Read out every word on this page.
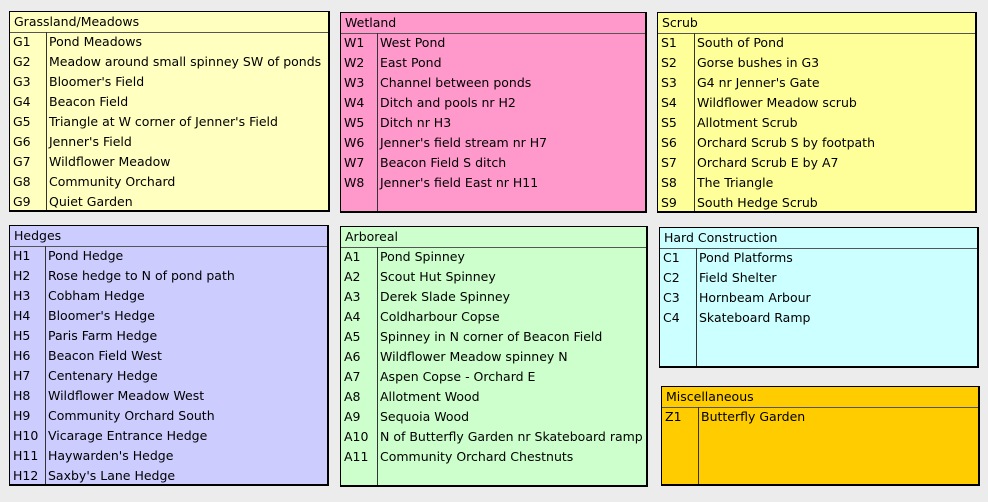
Grassland/Meadows
G1 Pond Meadows
G2 Meadow around small spinney SW of ponds
G3 Bloomer's Field
G4 Beacon Field
G5 Triangle at W corner of Jenner's Field
G6 Jenner's Field
G7 Wildflower Meadow
G8 Community Orchard
G9 Quiet Garden
Wetland
W1 West Pond
W2 East Pond
W3 Channel between ponds
W4 Ditch and pools nr H2
W5 Ditch nr H3
W6 Jenner's field stream nr H7
W7 Beacon Field S ditch
W8 Jenner's field East nr H11
Scrub
S1 South of Pond
S2 Gorse bushes in G3
S3 G4 nr Jenner's Gate
S4 Wildflower Meadow scrub
S5 Allotment Scrub
S6 Orchard Scrub S by footpath
S7 Orchard Scrub E by A7
S8 The Triangle
S9 South Hedge Scrub
Hedges
H1 Pond Hedge
H2 Rose hedge to N of pond path
H3 Cobham Hedge
H4 Bloomer's Hedge
H5 Paris Farm Hedge
H6 Beacon Field West
H7 Centenary Hedge
H8 Wildflower Meadow West
H9 Community Orchard South
H10 Vicarage Entrance Hedge
H11 Haywarden's Hedge
H12 Saxby's Lane Hedge
Arboreal
A1 Pond Spinney
A2 Scout Hut Spinney
A3 Derek Slade Spinney
A4 Coldharbour Copse
A5 Spinney in N corner of Beacon Field
A6 Wildflower Meadow spinney N
A7 Aspen Copse - Orchard E
A8 Allotment Wood
A9 Sequoia Wood
A10 N of Butterfly Garden nr Skateboard ramp
A11 Community Orchard Chestnuts
Hard Construction
C1 Pond Platforms
C2 Field Shelter
C3 Hornbeam Arbour
C4 Skateboard Ramp
Miscellaneous
Z1 Butterfly Garden
